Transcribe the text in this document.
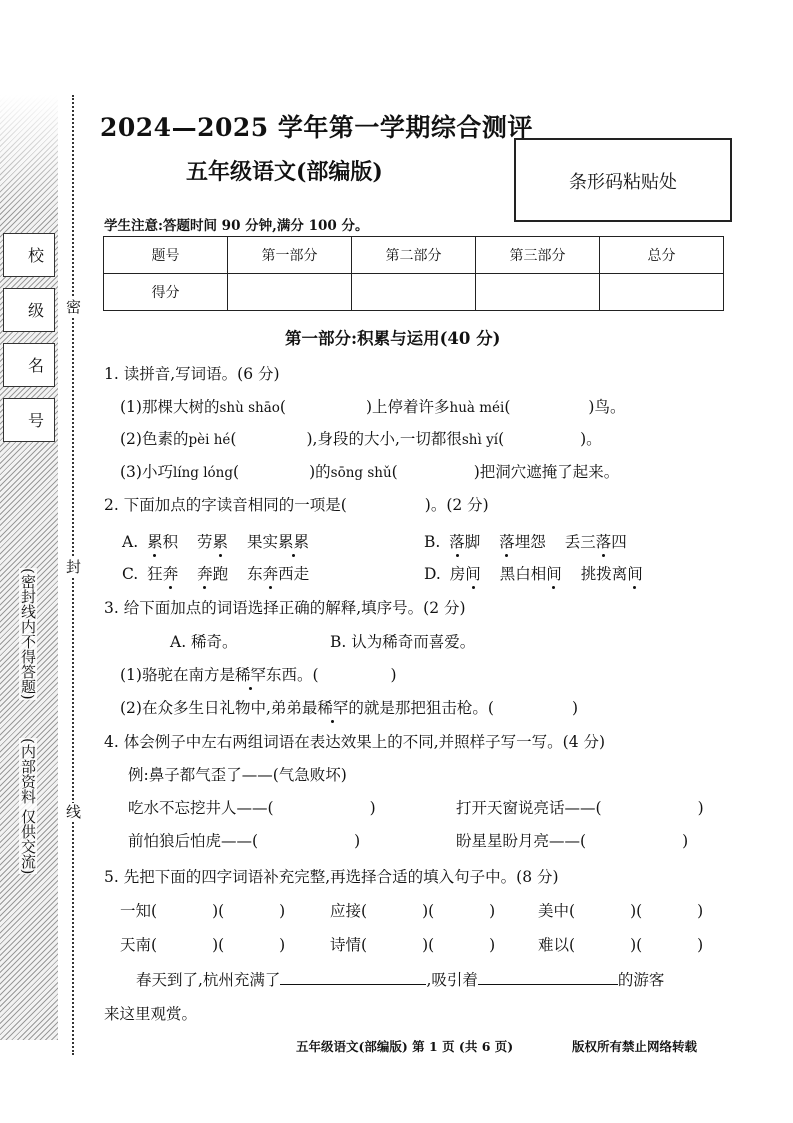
校
级
名
号
(密封线内不得答题)
(内部资料 仅供交流)
密
封
线
2024—2025 学年第一学期综合测评
五年级语文(部编版)	条形码粘贴处
学生注意:答题时间 90 分钟,满分 100 分。
题号	第一部分	第二部分	第三部分	总分
得分				
第一部分:积累与运用(40 分)
1. 读拼音,写词语。(6 分)
(1)那棵大树的shù shāo(	)上停着许多huà méi(	)鸟。
(2)色素的pèi hé(	),身段的大小,一切都很shì yí(	)。
(3)小巧líng lóng(	)的sōng shǔ(	)把洞穴遮掩了起来。
2. 下面加点的字读音相同的一项是(	)。(2 分)
A. 累积 劳累 果实累累	B. 落脚 落埋怨 丢三落四
C. 狂奔 奔跑 东奔西走	D. 房间 黑白相间 挑拨离间
3. 给下面加点的词语选择正确的解释,填序号。(2 分)
A. 稀奇。	B. 认为稀奇而喜爱。
(1)骆驼在南方是稀罕东西。(	)
(2)在众多生日礼物中,弟弟最稀罕的就是那把狙击枪。(	)
4. 体会例子中左右两组词语在表达效果上的不同,并照样子写一写。(4 分)
例:鼻子都气歪了——(气急败坏)
吃水不忘挖井人——(	)	打开天窗说亮话——(	)
前怕狼后怕虎——(	)	盼星星盼月亮——(	)
5. 先把下面的四字词语补充完整,再选择合适的填入句子中。(8 分)
一知(	)(	)	应接(	)(	)	美中(	)(	)
天南(	)(	)	诗情(	)(	)	难以(	)(	)
春天到了,杭州充满了	,吸引着	的游客
来这里观赏。
五年级语文(部编版) 第 1 页 (共 6 页)	版权所有禁止网络转载
